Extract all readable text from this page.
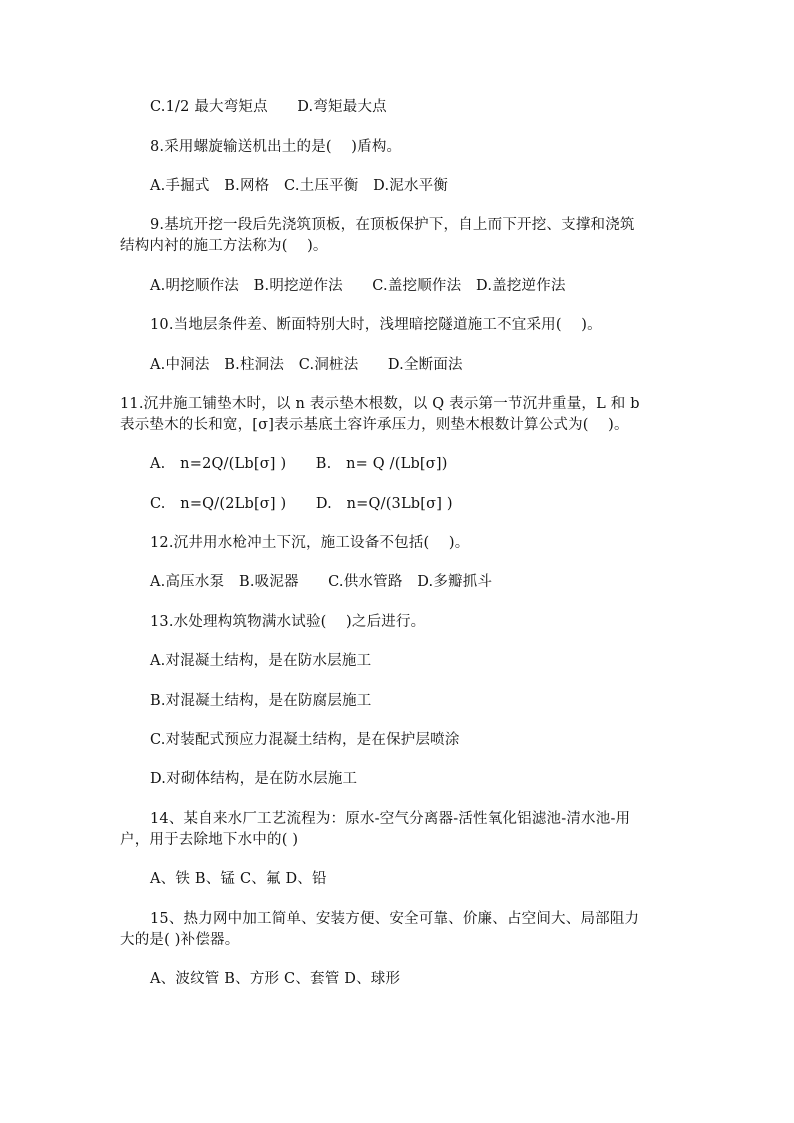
C.1/2 最大弯矩点　　D.弯矩最大点
8.采用螺旋输送机出土的是(　 )盾构。
A.手掘式　B.网格　C.土压平衡　D.泥水平衡
9.基坑开挖一段后先浇筑顶板，在顶板保护下，自上而下开挖、支撑和浇筑
结构内衬的施工方法称为(　 )。
A.明挖顺作法　B.明挖逆作法　　C.盖挖顺作法　D.盖挖逆作法
10.当地层条件差、断面特别大时，浅埋暗挖隧道施工不宜采用(　 )。
A.中洞法　B.柱洞法　C.洞桩法　　D.全断面法
11.沉井施工铺垫木时，以 n 表示垫木根数，以 Q 表示第一节沉井重量，L 和 b
表示垫木的长和宽，[σ]表示基底土容许承压力，则垫木根数计算公式为(　 )。
A.　n=2Q/(Lb[σ] )　　B.　n= Q /(Lb[σ])
C.　n=Q/(2Lb[σ] )　　D.　n=Q/(3Lb[σ] )
12.沉井用水枪冲土下沉，施工设备不包括(　 )。
A.高压水泵　B.吸泥器　　C.供水管路　D.多瓣抓斗
13.水处理构筑物满水试验(　 )之后进行。
A.对混凝土结构，是在防水层施工
B.对混凝土结构，是在防腐层施工
C.对装配式预应力混凝土结构，是在保护层喷涂
D.对砌体结构，是在防水层施工
14、某自来水厂工艺流程为：原水-空气分离器-活性氧化铝滤池-清水池-用
户，用于去除地下水中的( )
A、铁 B、锰 C、氟 D、铅
15、热力网中加工简单、安装方便、安全可靠、价廉、占空间大、局部阻力
大的是( )补偿器。
A、波纹管 B、方形 C、套管 D、球形
